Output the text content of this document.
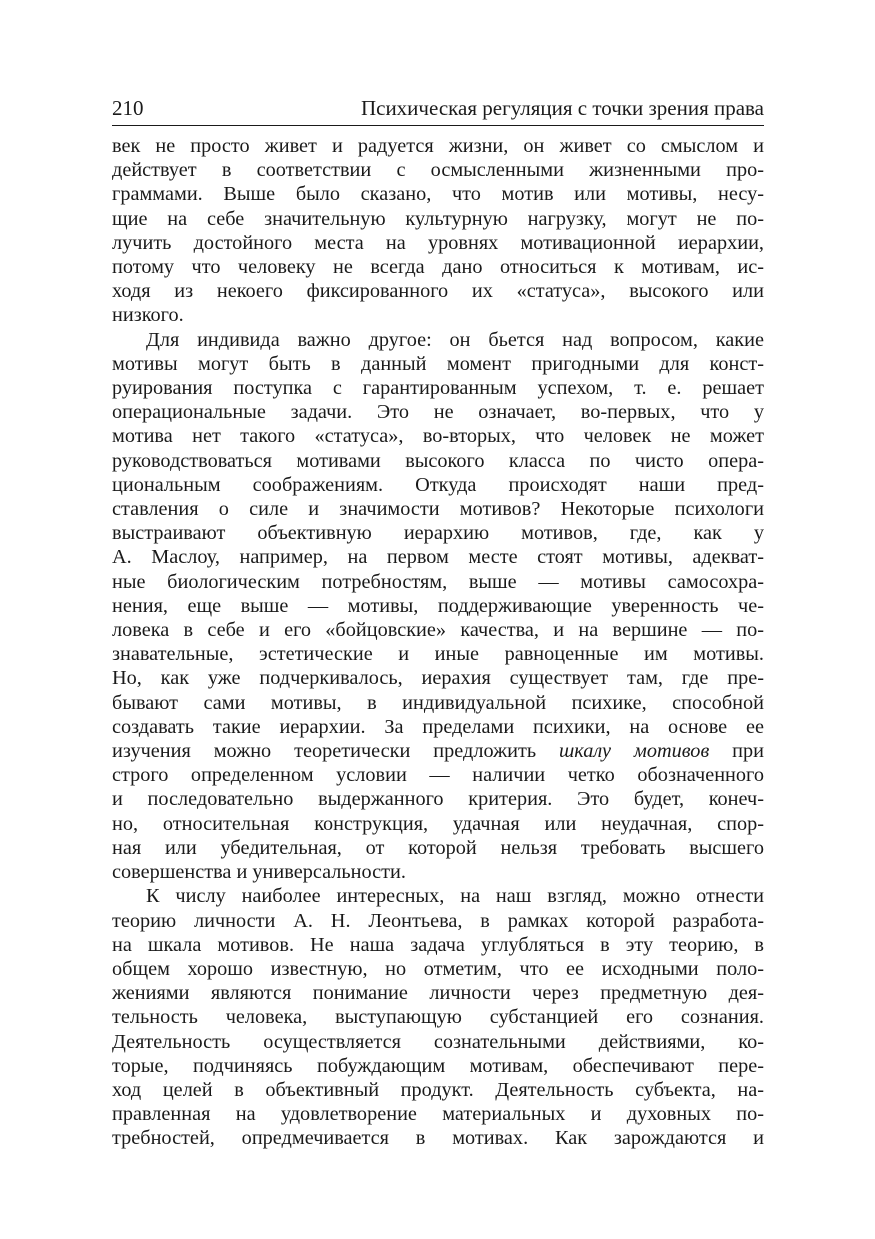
210	Психическая регуляция с точки зрения права
век не просто живет и радуется жизни, он живет со смыслом и
действует в соответствии с осмысленными жизненными про-
граммами. Выше было сказано, что мотив или мотивы, несу-
щие на себе значительную культурную нагрузку, могут не по-
лучить достойного места на уровнях мотивационной иерархии,
потому что человеку не всегда дано относиться к мотивам, ис-
ходя из некоего фиксированного их «статуса», высокого или
низкого.
Для индивида важно другое: он бьется над вопросом, какие
мотивы могут быть в данный момент пригодными для конст-
руирования поступка с гарантированным успехом, т. е. решает
операциональные задачи. Это не означает, во-первых, что у
мотива нет такого «статуса», во-вторых, что человек не может
руководствоваться мотивами высокого класса по чисто опера-
циональным соображениям. Откуда происходят наши пред-
ставления о силе и значимости мотивов? Некоторые психологи
выстраивают объективную иерархию мотивов, где, как у
А. Маслоу, например, на первом месте стоят мотивы, адекват-
ные биологическим потребностям, выше — мотивы самосохра-
нения, еще выше — мотивы, поддерживающие уверенность че-
ловека в себе и его «бойцовские» качества, и на вершине — по-
знавательные, эстетические и иные равноценные им мотивы.
Но, как уже подчеркивалось, иерахия существует там, где пре-
бывают сами мотивы, в индивидуальной психике, способной
создавать такие иерархии. За пределами психики, на основе ее
изучения можно теоретически предложить шкалу мотивов при
строго определенном условии — наличии четко обозначенного
и последовательно выдержанного критерия. Это будет, конеч-
но, относительная конструкция, удачная или неудачная, спор-
ная или убедительная, от которой нельзя требовать высшего
совершенства и универсальности.
К числу наиболее интересных, на наш взгляд, можно отнести
теорию личности А. Н. Леонтьева, в рамках которой разработа-
на шкала мотивов. Не наша задача углубляться в эту теорию, в
общем хорошо известную, но отметим, что ее исходными поло-
жениями являются понимание личности через предметную дея-
тельность человека, выступающую субстанцией его сознания.
Деятельность осуществляется сознательными действиями, ко-
торые, подчиняясь побуждающим мотивам, обеспечивают пере-
ход целей в объективный продукт. Деятельность субъекта, на-
правленная на удовлетворение материальных и духовных по-
требностей, опредмечивается в мотивах. Как зарождаются и
